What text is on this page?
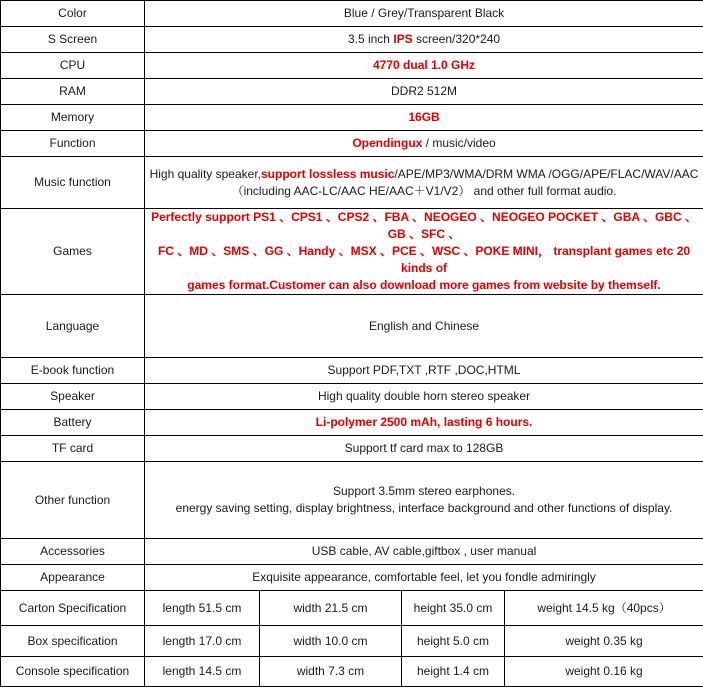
Color	Blue / Grey/Transparent Black			
S Screen	3.5 inch IPS screen/320*240			
CPU	4770 dual 1.0 GHz			
RAM	DDR2 512M			
Memory	16GB			
Function	Opendingux / music/video			
Music function	High quality speaker,support lossless music/APE/MP3/WMA/DRM WMA /OGG/APE/FLAC/WAV/AAC
（including AAC-LC/AAC HE/AAC＋V1/V2） and other full format audio.			

Games	Perfectly support PS1 、CPS1 、CPS2 、FBA 、NEOGEO 、NEOGEO POCKET 、GBA 、GBC 、GB 、SFC 、
FC 、MD 、SMS 、GG 、Handy 、MSX 、PCE 、WSC 、POKE MINI， transplant games etc 20 kinds of
games format.Customer can also download more games from website by themself.			

Language	English and Chinese			
E-book function	Support PDF,TXT ,RTF ,DOC,HTML			
Speaker	High quality double horn stereo speaker			
Battery	Li-polymer 2500 mAh, lasting 6 hours.			
TF card	Support tf card max to 128GB			
Other function	Support 3.5mm stereo earphones.
energy saving setting, display brightness, interface background and other functions of display.			

Accessories	USB cable, AV cable,giftbox , user manual			
Appearance	Exquisite appearance, comfortable feel, let you fondle admiringly			
Carton Specification	length 51.5 cm	width 21.5 cm	height 35.0 cm	weight 14.5 kg（40pcs）
Box specification	length 17.0 cm	width 10.0 cm	height 5.0 cm	weight 0.35 kg
Console specification	length 14.5 cm	width 7.3 cm	height 1.4 cm	weight 0.16 kg
